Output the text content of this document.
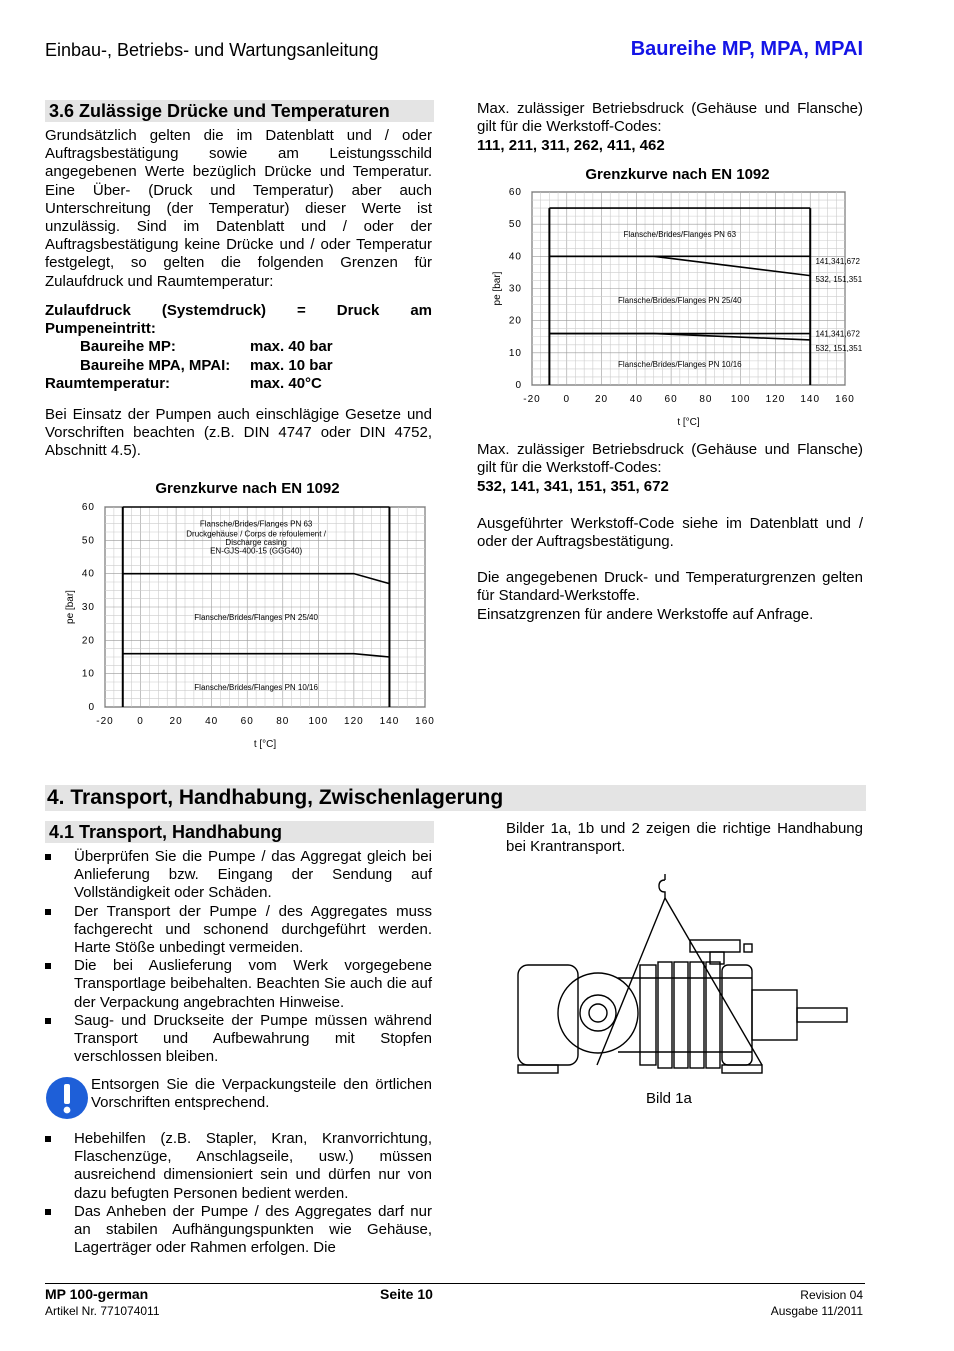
Einbau-, Betriebs- und Wartungsanleitung	Baureihe MP, MPA, MPAI
3.6 Zulässige Drücke und Temperaturen
Grundsätzlich gelten die im Datenblatt und / oder Auftragsbestätigung sowie am Leistungsschild angegebenen Werte bezüglich Drücke und Temperatur. Eine Über- (Druck und Temperatur) aber auch Unterschreitung (der Temperatur) dieser Werte ist unzulässig. Sind im Datenblatt und / oder der Auftragsbestätigung keine Drücke und / oder Temperatur festgelegt, so gelten die folgenden Grenzen für Zulaufdruck und Raumtemperatur:
Zulaufdruck (Systemdruck) = Druck am Pumpeneintritt:
Baureihe MP:	max. 40 bar
Baureihe MPA, MPAI:	max. 10 bar
Raumtemperatur:	max. 40°C
Bei Einsatz der Pumpen auch einschlägige Gesetze und Vorschriften beachten (z.B. DIN 4747 oder DIN 4752, Abschnitt 4.5).
Grenzkurve nach EN 1092
-20 0	20 40 60 80 100 120 140 160
0
10
20
30
40
50
60
t [°C]
pe [bar]
Flansche/Brides/Flanges PN 63
Druckgehäuse / Corps de refoulement /
Discharge casing
EN-GJS-400-15 (GGG40)
Flansche/Brides/Flanges PN 25/40
Flansche/Brides/Flanges PN 10/16
Max. zulässiger Betriebsdruck (Gehäuse und Flansche) gilt für die Werkstoff-Codes:
111, 211, 311, 262, 411, 462
Grenzkurve nach EN 1092
-20 0 20 40 60 80 100 120 140 160
0
10
20
30
40
50
60
t [°C]
pe [bar]
Flansche/Brides/Flanges PN 63
Flansche/Brides/Flanges PN 25/40
Flansche/Brides/Flanges PN 10/16
141,341,672
532, 151,351
141,341,672
532, 151,351
Max. zulässiger Betriebsdruck (Gehäuse und Flansche) gilt für die Werkstoff-Codes:
532, 141, 341, 151, 351, 672
Ausgeführter Werkstoff-Code siehe im Datenblatt und / oder der Auftragsbestätigung.
Die angegebenen Druck- und Temperaturgrenzen gelten für Standard-Werkstoffe.
Einsatzgrenzen für andere Werkstoffe auf Anfrage.
4. Transport, Handhabung, Zwischenlagerung
4.1 Transport, Handhabung
Überprüfen Sie die Pumpe / das Aggregat gleich bei Anlieferung bzw. Eingang der Sendung auf Vollständigkeit oder Schäden.
Der Transport der Pumpe / des Aggregates muss fachgerecht und schonend durchgeführt werden. Harte Stöße unbedingt vermeiden.
Die bei Auslieferung vom Werk vorgegebene Transportlage beibehalten. Beachten Sie auch die auf der Verpackung angebrachten Hinweise.
Saug- und Druckseite der Pumpe müssen während Transport und Aufbewahrung mit Stopfen verschlossen bleiben.
Entsorgen Sie die Verpackungsteile den örtlichen Vorschriften entsprechend.
Hebehilfen (z.B. Stapler, Kran, Kranvorrichtung, Flaschenzüge, Anschlagseile, usw.) müssen ausreichend dimensioniert sein und dürfen nur von dazu befugten Personen bedient werden.
Das Anheben der Pumpe / des Aggregates darf nur an stabilen Aufhängungspunkten wie Gehäuse, Lagerträger oder Rahmen erfolgen. Die
Bilder 1a, 1b und 2 zeigen die richtige Handhabung bei Krantransport.
Bild 1a
MP 100-german	Seite 10	Revision 04
Artikel Nr. 771074011	Ausgabe 11/2011
